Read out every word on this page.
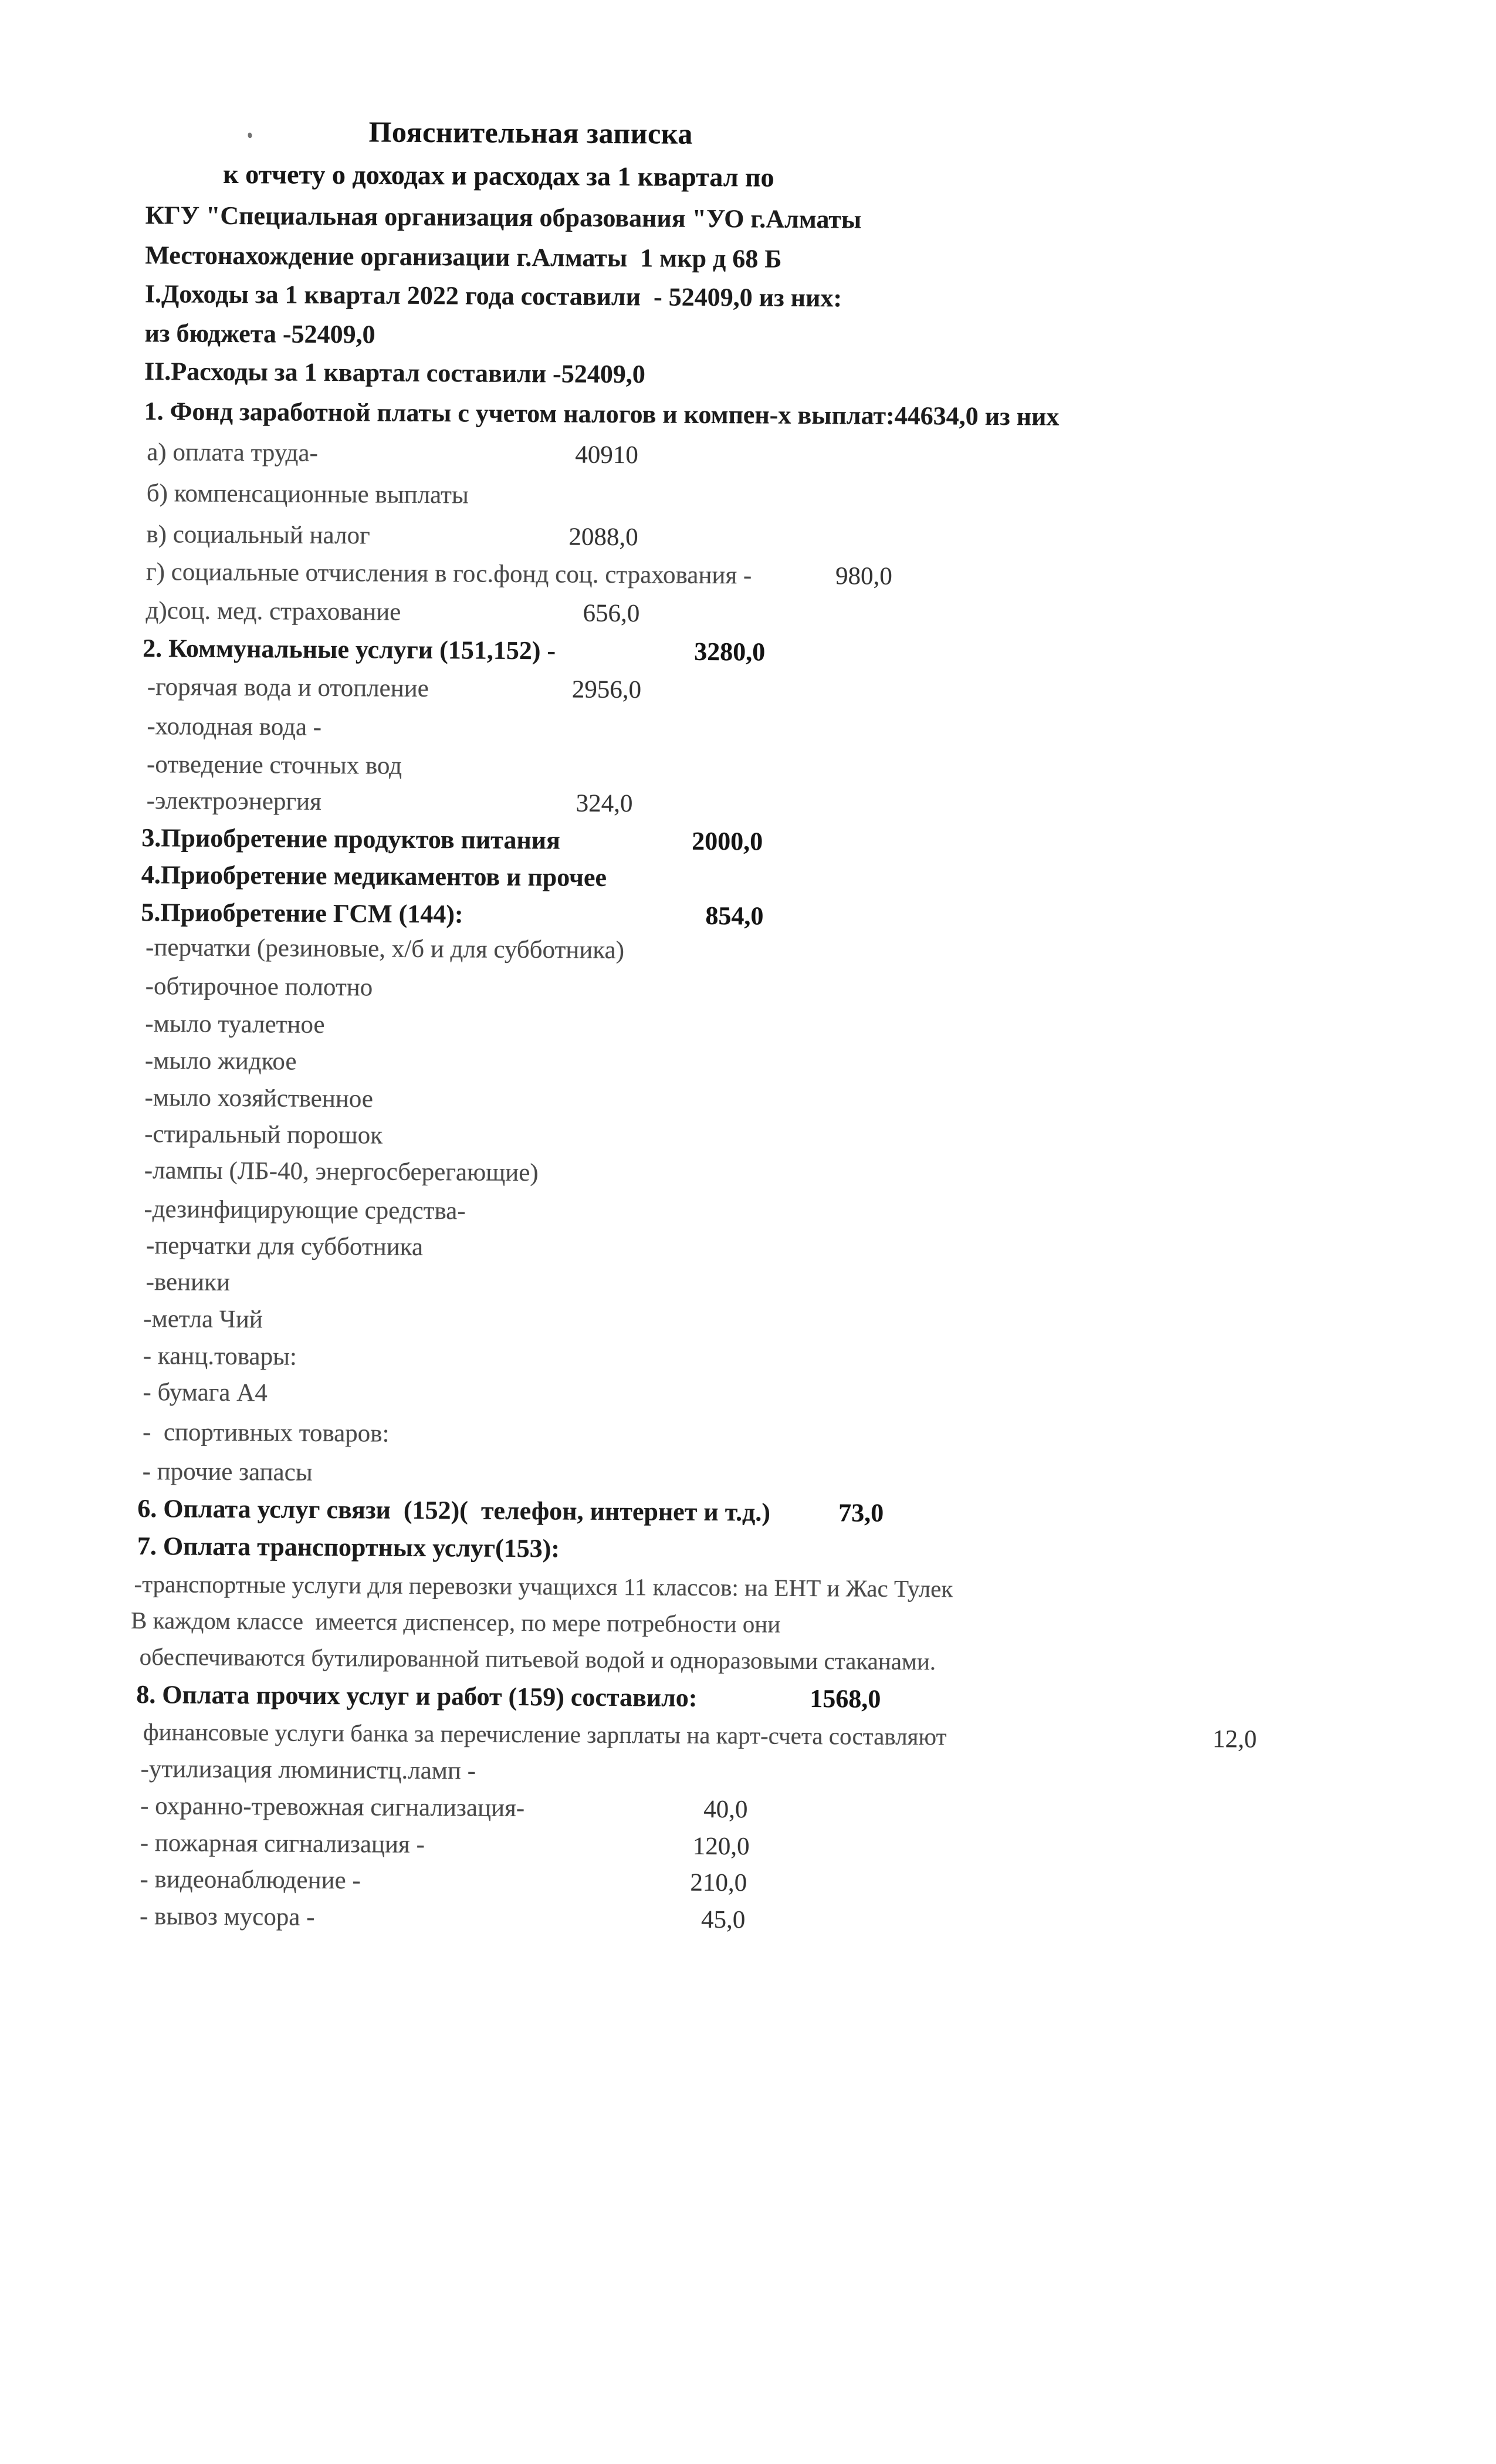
Пояснительная записка
к отчету о доходах и расходах за 1 квартал по
КГУ "Специальная организация образования "УО г.Алматы
Местонахождение организации г.Алматы  1 мкр д 68 Б
I.Доходы за 1 квартал 2022 года составили  - 52409,0 из них:
из бюджета -52409,0
II.Расходы за 1 квартал составили -52409,0
1. Фонд заработной платы с учетом налогов и компен-х выплат:44634,0 из них
а) оплата труда-	40910
б) компенсационные выплаты
в) социальный налог	2088,0
г) социальные отчисления в гос.фонд соц. страхования -	980,0
д)соц. мед. страхование	656,0
2. Коммунальные услуги (151,152) -	3280,0
-горячая вода и отопление	2956,0
-холодная вода -
-отведение сточных вод
-электроэнергия	324,0
3.Приобретение продуктов питания	2000,0
4.Приобретение медикаментов и прочее
5.Приобретение ГСМ (144):	854,0
-перчатки (резиновые, х/б и для субботника)
-обтирочное полотно
-мыло туалетное
-мыло жидкое
-мыло хозяйственное
-стиральный порошок
-лампы (ЛБ-40, энергосберегающие)
-дезинфицирующие средства-
-перчатки для субботника
-веники
-метла Чий
- канц.товары:
- бумага А4
-  спортивных товаров:
- прочие запасы
6. Оплата услуг связи  (152)(  телефон, интернет и т.д.)	73,0
7. Оплата транспортных услуг(153):
-транспортные услуги для перевозки учащихся 11 классов: на ЕНТ и Жас Тулек
В каждом классе  имеется диспенсер, по мере потребности они
обеспечиваются бутилированной питьевой водой и одноразовыми стаканами.
8. Оплата прочих услуг и работ (159) составило:	1568,0
финансовые услуги банка за перечисление зарплаты на карт-счета составляют	12,0
-утилизация люминистц.ламп -
- охранно-тревожная сигнализация-	40,0
- пожарная сигнализация -	120,0
- видеонаблюдение -	210,0
- вывоз мусора -	45,0
